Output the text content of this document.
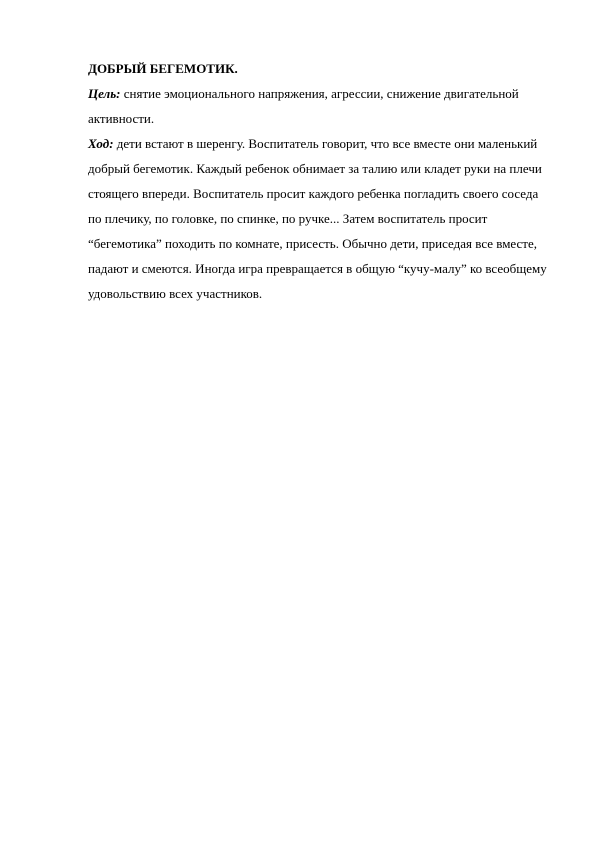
ДОБРЫЙ БЕГЕМОТИК.

Цель: снятие эмоционального напряжения, агрессии, снижение двигательной активности.

Ход: дети встают в шеренгу. Воспитатель говорит, что все вместе они маленький добрый бегемотик. Каждый ребенок обнимает за талию или кладет руки на плечи стоящего впереди. Воспитатель просит каждого ребенка погладить своего соседа по плечику, по головке, по спинке, по ручке... Затем воспитатель просит “бегемотика” походить по комнате, присесть. Обычно дети, приседая все вместе, падают и смеются. Иногда игра превращается в общую “кучу-малу” ко всеобщему удовольствию всех участников.
